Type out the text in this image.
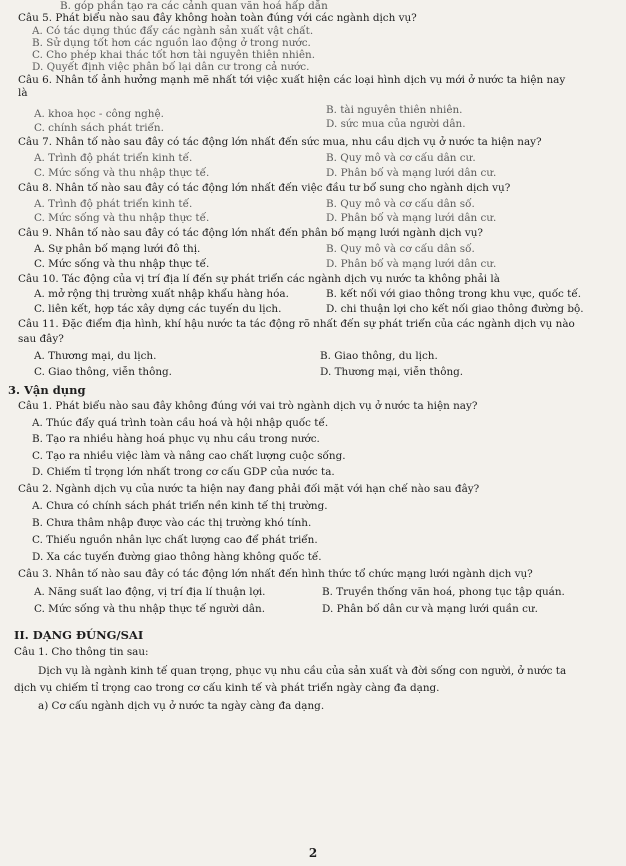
B. góp phần tạo ra các cảnh quan văn hoá hấp dẫn
Câu 5. Phát biểu nào sau đây không hoàn toàn đúng với các ngành dịch vụ?
A. Có tác dụng thúc đẩy các ngành sản xuất vật chất.
B. Sử dụng tốt hơn các nguồn lao động ở trong nước.
C. Cho phép khai thác tốt hơn tài nguyên thiên nhiên.
D. Quyết định việc phân bố lại dân cư trong cả nước.
Câu 6. Nhân tố ảnh hưởng mạnh mẽ nhất tới việc xuất hiện các loại hình dịch vụ mới ở nước ta hiện nay
là
A. khoa học - công nghệ.	B. tài nguyên thiên nhiên.
C. chính sách phát triển.	D. sức mua của người dân.
Câu 7. Nhân tố nào sau đây có tác động lớn nhất đến sức mua, nhu cầu dịch vụ ở nước ta hiện nay?
A. Trình độ phát triển kinh tế.	B. Quy mô và cơ cấu dân cư.
C. Mức sống và thu nhập thực tế.	D. Phân bố và mạng lưới dân cư.
Câu 8. Nhân tố nào sau đây có tác động lớn nhất đến việc đầu tư bổ sung cho ngành dịch vụ?
A. Trình độ phát triển kinh tế.	B. Quy mô và cơ cấu dân số.
C. Mức sống và thu nhập thực tế.	D. Phân bố và mạng lưới dân cư.
Câu 9. Nhân tố nào sau đây có tác động lớn nhất đến phân bố mạng lưới ngành dịch vụ?
A. Sự phân bố mạng lưới đô thị.	B. Quy mô và cơ cấu dân số.
C. Mức sống và thu nhập thực tế.	D. Phân bố và mạng lưới dân cư.
Câu 10. Tác động của vị trí địa lí đến sự phát triển các ngành dịch vụ nước ta không phải là
A. mở rộng thị trường xuất nhập khẩu hàng hóa.	B. kết nối với giao thông trong khu vực, quốc tế.
C. liên kết, hợp tác xây dựng các tuyến du lịch.	D. chi thuận lợi cho kết nối giao thông đường bộ.
Câu 11. Đặc điểm địa hình, khí hậu nước ta tác động rõ nhất đến sự phát triển của các ngành dịch vụ nào
sau đây?
A. Thương mại, du lịch.	B. Giao thông, du lịch.
C. Giao thông, viễn thông.	D. Thương mại, viễn thông.
3. Vận dụng
Câu 1. Phát biểu nào sau đây không đúng với vai trò ngành dịch vụ ở nước ta hiện nay?
A. Thúc đẩy quá trình toàn cầu hoá và hội nhập quốc tế.
B. Tạo ra nhiều hàng hoá phục vụ nhu cầu trong nước.
C. Tạo ra nhiều việc làm và nâng cao chất lượng cuộc sống.
D. Chiếm tỉ trọng lớn nhất trong cơ cấu GDP của nước ta.
Câu 2. Ngành dịch vụ của nước ta hiện nay đang phải đối mặt với hạn chế nào sau đây?
A. Chưa có chính sách phát triển nền kinh tế thị trường.
B. Chưa thâm nhập được vào các thị trường khó tính.
C. Thiếu nguồn nhân lực chất lượng cao để phát triển.
D. Xa các tuyến đường giao thông hàng không quốc tế.
Câu 3. Nhân tố nào sau đây có tác động lớn nhất đến hình thức tổ chức mạng lưới ngành dịch vụ?
A. Năng suất lao động, vị trí địa lí thuận lợi.	B. Truyền thống văn hoá, phong tục tập quán.
C. Mức sống và thu nhập thực tế người dân.	D. Phân bố dân cư và mạng lưới quần cư.
II. DẠNG ĐÚNG/SAI
Câu 1. Cho thông tin sau:
Dịch vụ là ngành kinh tế quan trọng, phục vụ nhu cầu của sản xuất và đời sống con người, ở nước ta
dịch vụ chiếm tỉ trọng cao trong cơ cấu kinh tế và phát triển ngày càng đa dạng.
a) Cơ cấu ngành dịch vụ ở nước ta ngày càng đa dạng.
2
